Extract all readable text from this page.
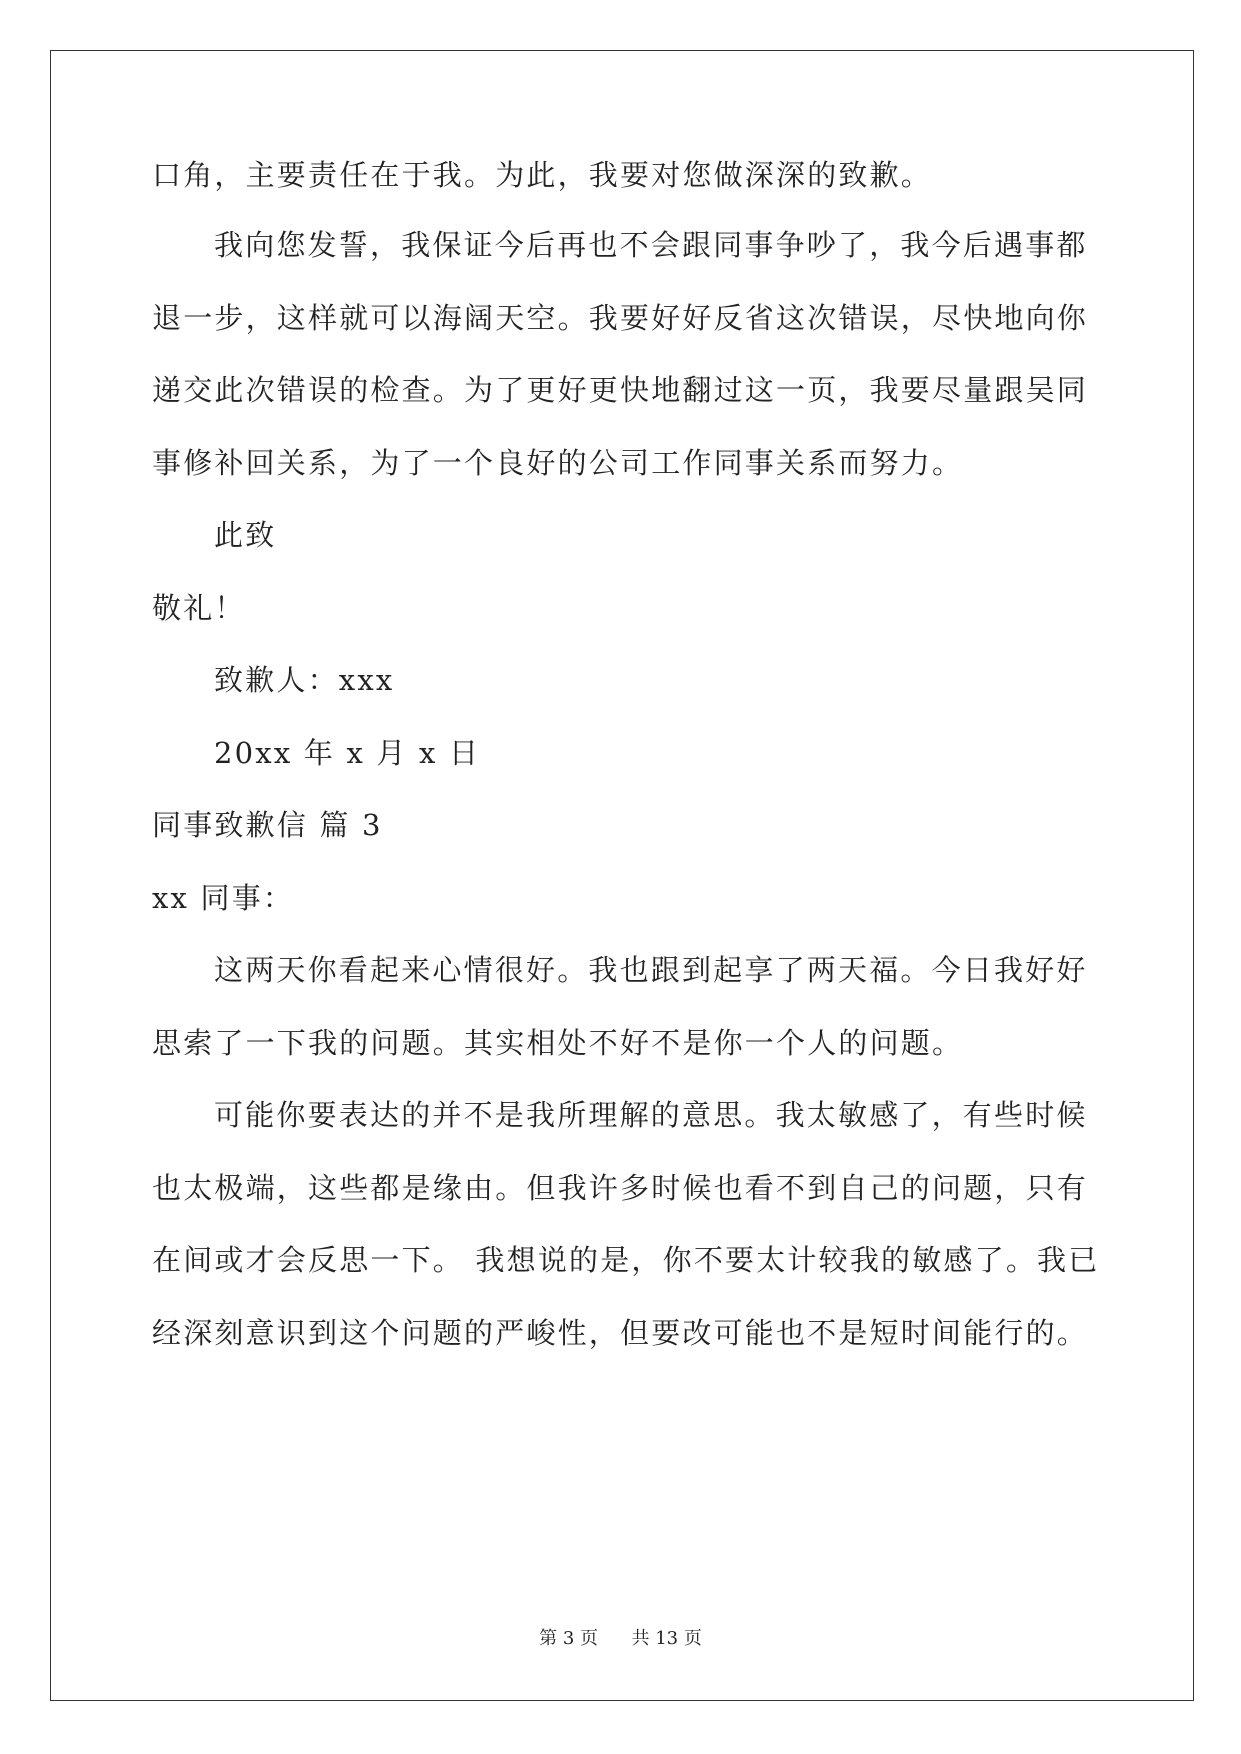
口角，主要责任在于我。为此，我要对您做深深的致歉。
我向您发誓，我保证今后再也不会跟同事争吵了，我今后遇事都
退一步，这样就可以海阔天空。我要好好反省这次错误，尽快地向你
递交此次错误的检查。为了更好更快地翻过这一页，我要尽量跟吴同
事修补回关系，为了一个良好的公司工作同事关系而努力。
此致
敬礼！
致歉人：xxx
20xx 年 x 月 x 日
同事致歉信 篇 3
xx 同事：
这两天你看起来心情很好。我也跟到起享了两天福。今日我好好
思索了一下我的问题。其实相处不好不是你一个人的问题。
可能你要表达的并不是我所理解的意思。我太敏感了，有些时候
也太极端，这些都是缘由。但我许多时候也看不到自己的问题，只有
在间或才会反思一下。 我想说的是，你不要太计较我的敏感了。我已
经深刻意识到这个问题的严峻性，但要改可能也不是短时间能行的。
第 3 页 共 13 页
